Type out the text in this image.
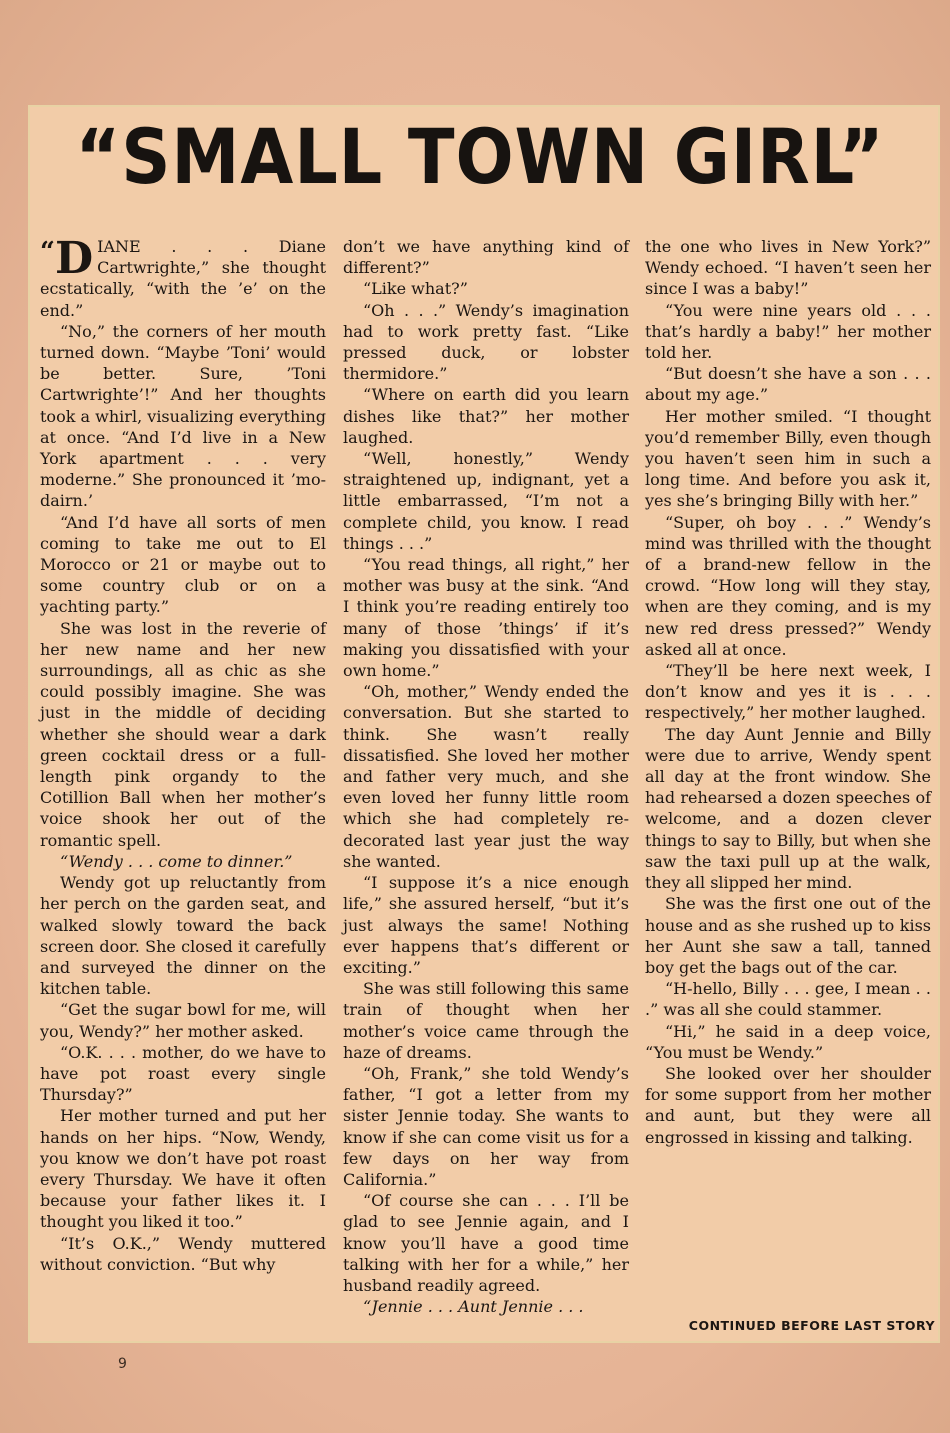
“SMALL TOWN GIRL”

“ D IANE . . . Diane Cartwrighte,” she thought ecstatically, “with the ’e’ on the end.”

“No,” the corners of her mouth turned down. “Maybe ’Toni’ would be better. Sure, ’Toni Cartwrighte’!” And her thoughts took a whirl, visualizing everything at once. “And I’d live in a New York apartment . . . very moderne.” She pronounced it ’mo-dairn.’

“And I’d have all sorts of men coming to take me out to El Morocco or 21 or maybe out to some country club or on a yachting party.”

She was lost in the reverie of her new name and her new surroundings, all as chic as she could possibly imagine. She was just in the middle of deciding whether she should wear a dark green cocktail dress or a full-length pink organdy to the Cotillion Ball when her mother’s voice shook her out of the romantic spell.

“Wendy . . . come to dinner.”

Wendy got up reluctantly from her perch on the garden seat, and walked slowly toward the back screen door. She closed it carefully and surveyed the dinner on the kitchen table.

“Get the sugar bowl for me, will you, Wendy?” her mother asked.

“O.K. . . . mother, do we have to have pot roast every single Thursday?”

Her mother turned and put her hands on her hips. “Now, Wendy, you know we don’t have pot roast every Thursday. We have it often because your father likes it. I thought you liked it too.”

“It’s O.K.,” Wendy muttered without conviction. “But why

don’t we have anything kind of different?”

“Like what?”

“Oh . . .” Wendy’s imagination had to work pretty fast. “Like pressed duck, or lobster thermidore.”

“Where on earth did you learn dishes like that?” her mother laughed.

“Well, honestly,” Wendy straightened up, indignant, yet a little embarrassed, “I’m not a complete child, you know. I read things . . .”

“You read things, all right,” her mother was busy at the sink. “And I think you’re reading entirely too many of those ’things’ if it’s making you dissatisfied with your own home.”

“Oh, mother,” Wendy ended the conversation. But she started to think. She wasn’t really dissatisfied. She loved her mother and father very much, and she even loved her funny little room which she had completely re-decorated last year just the way she wanted.

“I suppose it’s a nice enough life,” she assured herself, “but it’s just always the same! Nothing ever happens that’s different or exciting.”

She was still following this same train of thought when her mother’s voice came through the haze of dreams.

“Oh, Frank,” she told Wendy’s father, “I got a letter from my sister Jennie today. She wants to know if she can come visit us for a few days on her way from California.”

“Of course she can . . . I’ll be glad to see Jennie again, and I know you’ll have a good time talking with her for a while,” her husband readily agreed.

“Jennie . . . Aunt Jennie . . .

the one who lives in New York?” Wendy echoed. “I haven’t seen her since I was a baby!”

“You were nine years old . . . that’s hardly a baby!” her mother told her.

“But doesn’t she have a son . . . about my age.”

Her mother smiled. “I thought you’d remember Billy, even though you haven’t seen him in such a long time. And before you ask it, yes she’s bringing Billy with her.”

“Super, oh boy . . .” Wendy’s mind was thrilled with the thought of a brand-new fellow in the crowd. “How long will they stay, when are they coming, and is my new red dress pressed?” Wendy asked all at once.

“They’ll be here next week, I don’t know and yes it is . . . respectively,” her mother laughed.

The day Aunt Jennie and Billy were due to arrive, Wendy spent all day at the front window. She had rehearsed a dozen speeches of welcome, and a dozen clever things to say to Billy, but when she saw the taxi pull up at the walk, they all slipped her mind.

She was the first one out of the house and as she rushed up to kiss her Aunt she saw a tall, tanned boy get the bags out of the car.

“H-hello, Billy . . . gee, I mean . . .” was all she could stammer.

“Hi,” he said in a deep voice, “You must be Wendy.”

She looked over her shoulder for some support from her mother and aunt, but they were all engrossed in kissing and talking.

CONTINUED BEFORE LAST STORY
9
